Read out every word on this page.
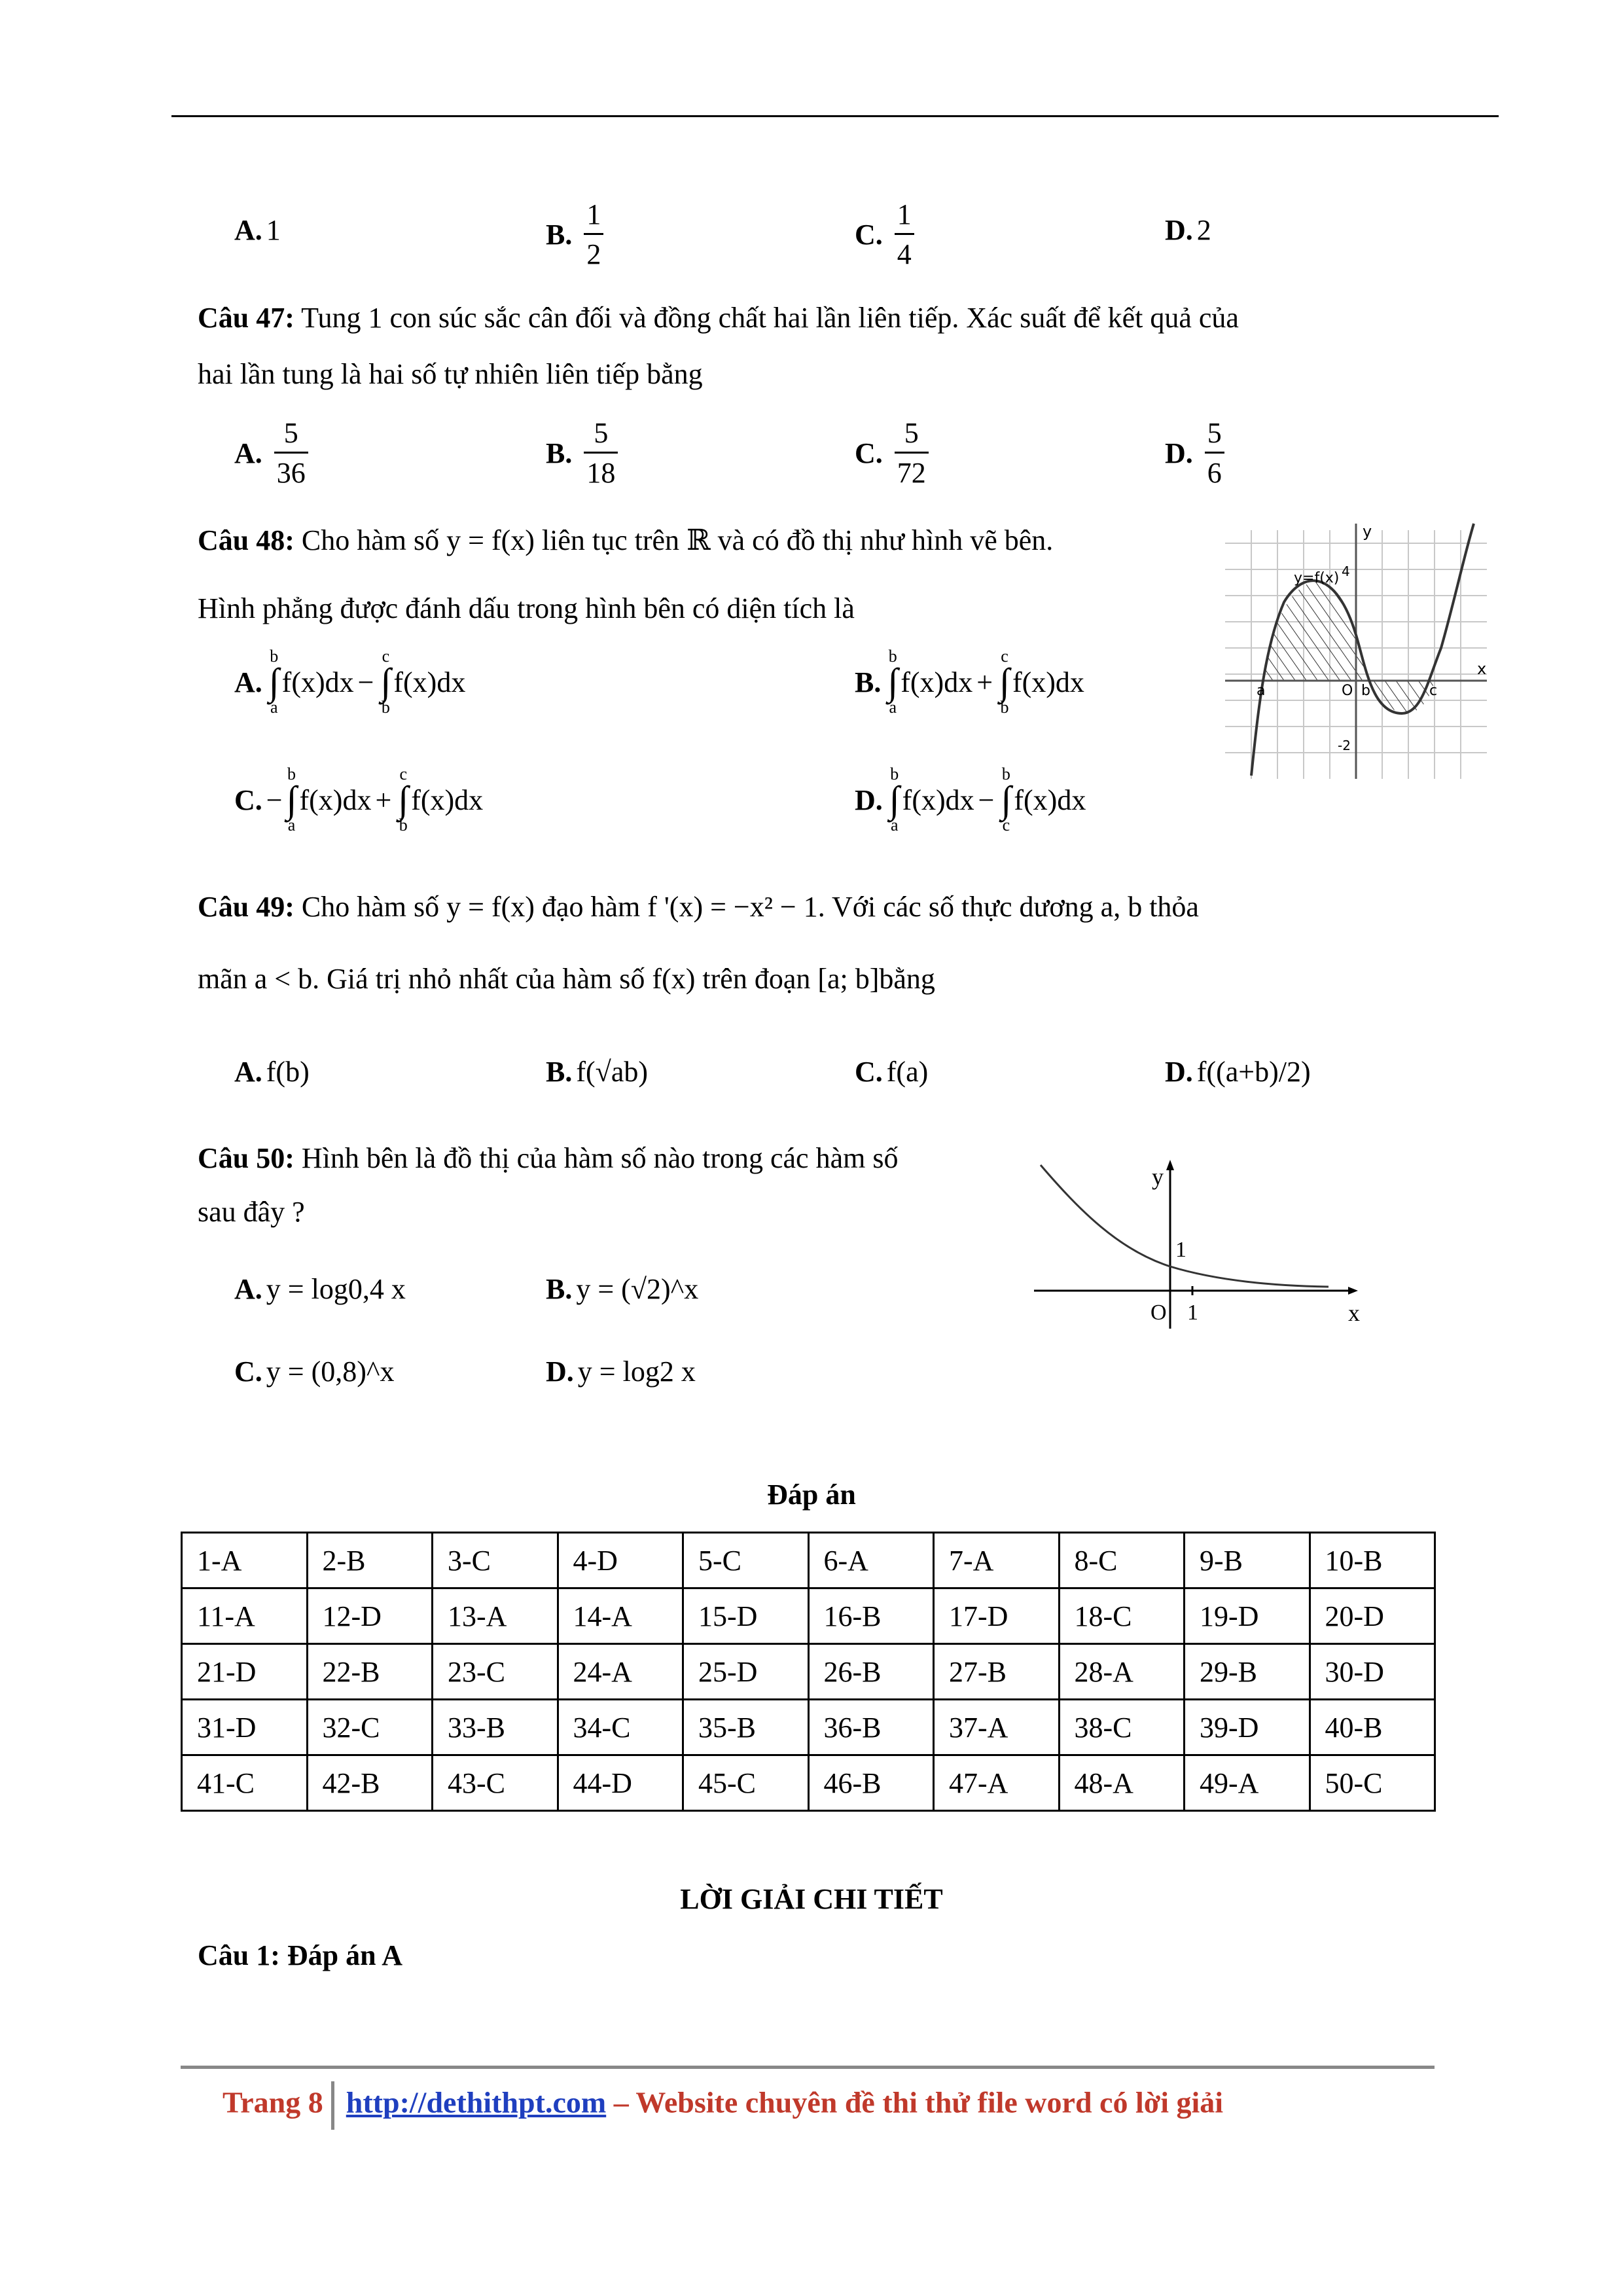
A. 1	B. $\frac{1}{2}$	C. $\frac{1}{4}$	D. 2
Câu 47: Tung 1 con súc sắc cân đối và đồng chất hai lần liên tiếp. Xác suất để kết quả của
hai lần tung là hai số tự nhiên liên tiếp bằng
A. $\frac{5}{36}$	B. $\frac{5}{18}$	C. $\frac{5}{72}$	D. $\frac{5}{6}$
Câu 48: Cho hàm số y = f(x) liên tục trên ℝ và có đồ thị như hình vẽ bên.
Hình phẳng được đánh dấu trong hình bên có diện tích là
A.
b
∫
a
f(x)dx −
c
∫
b
f(x)dx	B.
b
∫
a
f(x)dx +
c
∫
b
f(x)dx
C. −
b
∫
a
f(x)dx +
c
∫
b
f(x)dx	D.
b
∫
a
f(x)dx −
b
∫
c
f(x)dx
y=f(x)
y
x
a	O b	c
4
-2
Câu 49: Cho hàm số y = f(x) đạo hàm f '(x) = −x² − 1. Với các số thực dương a, b thỏa
mãn a < b. Giá trị nhỏ nhất của hàm số f(x) trên đoạn [a; b]bằng
A. f(b)	B. f(√ab)	C. f(a)	D. f((a+b)/2)
Câu 50: Hình bên là đồ thị của hàm số nào trong các hàm số
sau đây ?
A. y = log0,4 x	B. y = (√2)^x
C. y = (0,8)^x	D. y = log2 x
y
x
O 1
1
Đáp án
1-A	2-B	3-C	4-D	5-C	6-A	7-A	8-C	9-B	10-B
11-A	12-D	13-A	14-A	15-D	16-B	17-D	18-C	19-D	20-D
21-D	22-B	23-C	24-A	25-D	26-B	27-B	28-A	29-B	30-D
31-D	32-C	33-B	34-C	35-B	36-B	37-A	38-C	39-D	40-B
41-C	42-B	43-C	44-D	45-C	46-B	47-A	48-A	49-A	50-C
LỜI GIẢI CHI TIẾT
Câu 1: Đáp án A
Trang 8 http://dethithpt.com – Website chuyên đề thi thử file word có lời giải
